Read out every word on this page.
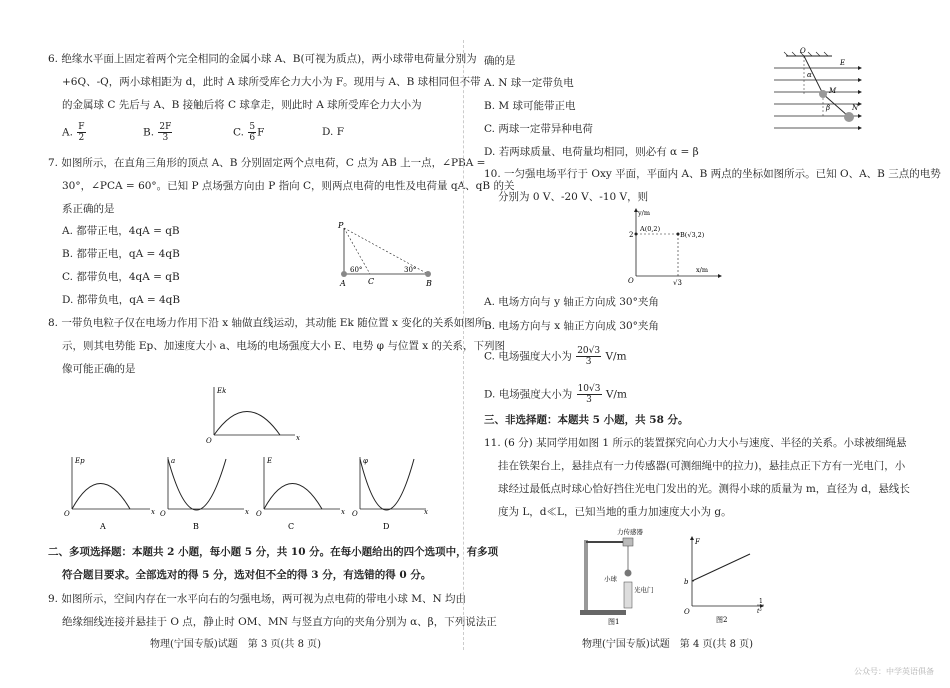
6. 绝缘水平面上固定着两个完全相同的金属小球 A、B(可视为质点)，两小球带电荷量分别为
+6Q、-Q，两小球相距为 d，此时 A 球所受库仑力大小为 F。现用与 A、B 球相同但不带
的金属球 C 先后与 A、B 接触后将 C 球拿走，则此时 A 球所受库仑力大小为
A. $\frac{F}{2}$	B. $\frac{2F}{3}$	C. $\frac{5}{6}$ F	D. F
7. 如图所示，在直角三角形的顶点 A、B 分别固定两个点电荷，C 点为 AB 上一点，∠PBA =
30°，∠PCA = 60°。已知 P 点场强方向由 P 指向 C，则两点电荷的电性及电荷量 qA、qB 的关
系正确的是
A. 都带正电，4qA = qB
B. 都带正电，qA = 4qB
C. 都带负电，4qA = qB
D. 都带负电，qA = 4qB
P
A	C	B
60°	30°
8. 一带负电粒子仅在电场力作用下沿 x 轴做直线运动，其动能 Ek 随位置 x 变化的关系如图所
示，则其电势能 Ep、加速度大小 a、电场的电场强度大小 E、电势 φ 与位置 x 的关系，下列图
像可能正确的是
Ek
x
O
Ep
x
O
A
a
x
O
B
E
x
O
C
φ
x
O
D
二、多项选择题：本题共 2 小题，每小题 5 分，共 10 分。在每小题给出的四个选项中，有多项
符合题目要求。全部选对的得 5 分，选对但不全的得 3 分，有选错的得 0 分。
9. 如图所示，空间内存在一水平向右的匀强电场，两可视为点电荷的带电小球 M、N 均由
绝缘细线连接并悬挂于 O 点，静止时 OM、MN 与竖直方向的夹角分别为 α、β，下列说法正
物理(宁国专版)试题　第 3 页(共 8 页)
确的是
A. N 球一定带负电
B. M 球可能带正电
C. 两球一定带异种电荷
D. 若两球质量、电荷量均相同，则必有 α = β
O
E
M
N
α
β
10. 一匀强电场平行于 Oxy 平面，平面内 A、B 两点的坐标如图所示。已知 O、A、B 三点的电势
分别为 0 V、-20 V、-10 V，则
y/m
x/m
O
A(0,2)
B(√3,2)
2
√3
A. 电场方向与 y 轴正方向成 30°夹角
B. 电场方向与 x 轴正方向成 30°夹角
C. 电场强度大小为 $\frac{20√3}{3} V/m$
D. 电场强度大小为 $\frac{10√3}{3} V/m$
三、非选择题：本题共 5 小题，共 58 分。
11. (6 分) 某同学用如图 1 所示的装置探究向心力大小与速度、半径的关系。小球被细绳悬
挂在铁架台上，悬挂点有一力传感器(可测细绳中的拉力)，悬挂点正下方有一光电门，小
球经过最低点时球心恰好挡住光电门发出的光。测得小球的质量为 m，直径为 d，悬线长
度为 L，d≪L，已知当地的重力加速度大小为 g。
力传感器
小球
光电门
图1
F
O
b
1
t²
图2
物理(宁国专版)试题　第 4 页(共 8 页)
公众号：中学英语俱备
